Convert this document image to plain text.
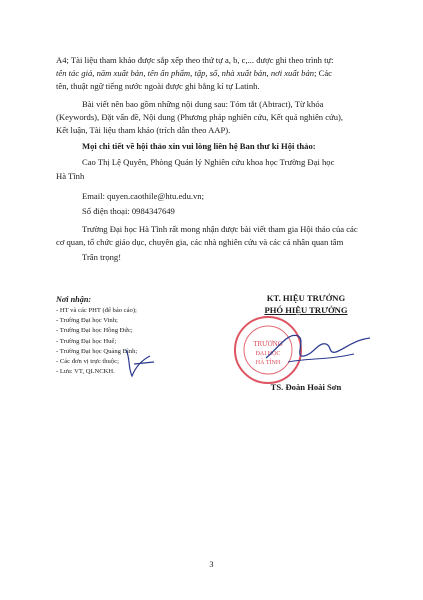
A4; Tài liệu tham khảo được sắp xếp theo thứ tự a, b, c,... được ghi theo trình tự:

tên tác giả, năm xuất bản, tên ấn phẩm, tập, số, nhà xuất bản, nơi xuất bản; Các

tên, thuật ngữ tiếng nước ngoài được ghi bằng kí tự Latinh.

Bài viết nên bao gồm những nội dung sau: Tóm tắt (Abtract), Từ khóa
(Keywords), Đặt vấn đề, Nội dung (Phương pháp nghiên cứu, Kết quả nghiên cứu),
Kết luận, Tài liệu tham khảo (trích dẫn theo AAP).

Mọi chi tiết về hội thảo xin vui lòng liên hệ Ban thư kí Hội thảo:

Cao Thị Lệ Quyên, Phòng Quản lý Nghiên cứu khoa học Trường Đại học
Hà Tĩnh

Email: quyen.caothile@htu.edu.vn;

Số điện thoại: 0984347649

Trường Đại học Hà Tĩnh rất mong nhận được bài viết tham gia Hội thảo của các
cơ quan, tổ chức giáo dục, chuyên gia, các nhà nghiên cứu và các cá nhân quan tâm

Trân trọng!

Nơi nhận:
- HT và các PHT (để báo cáo);
- Trường Đại học Vinh;
- Trường Đại học Hồng Đức;
- Trường Đại học Huế;
- Trường Đại học Quảng Bình;
- Các đơn vị trực thuộc;
- Lưu: VT, QLNCKH.
KT. HIỆU TRƯỞNG
PHÓ HIỆU TRƯỞNG
TS. Đoàn Hoài Sơn
TRƯỜNG
ĐẠI HỌC
HÀ TĨNH
3
